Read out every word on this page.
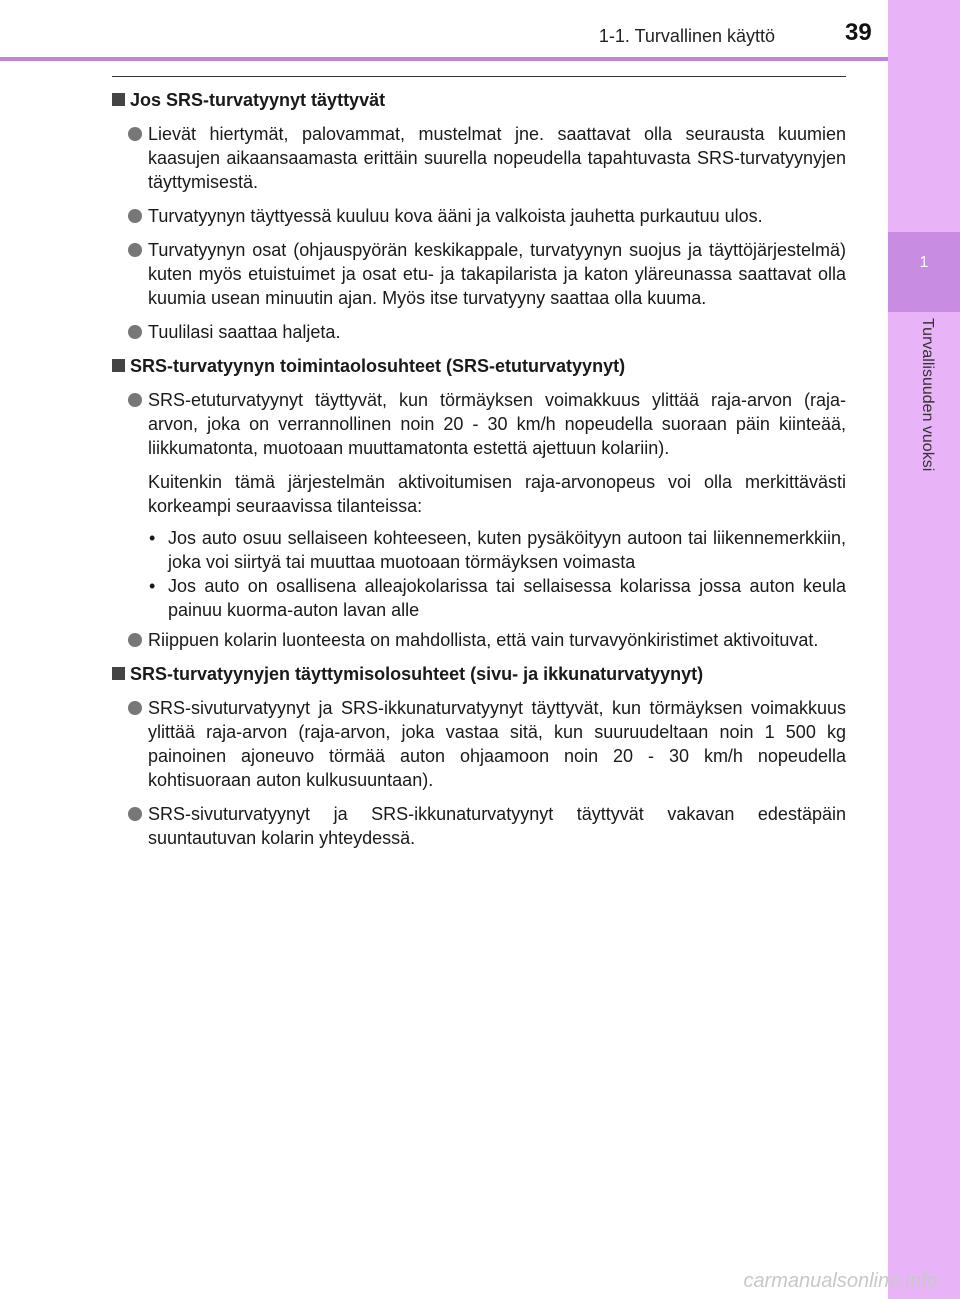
1-1. Turvallinen käyttö	39
1
Turvallisuuden vuoksi
Jos SRS-turvatyynyt täyttyvät
Lievät hiertymät, palovammat, mustelmat jne. saattavat olla seurausta kuumien kaasujen aikaansaamasta erittäin suurella nopeudella tapahtuvasta SRS-turvatyynyjen täyttymisestä.
Turvatyynyn täyttyessä kuuluu kova ääni ja valkoista jauhetta purkautuu ulos.
Turvatyynyn osat (ohjauspyörän keskikappale, turvatyynyn suojus ja täyttöjärjestelmä) kuten myös etuistuimet ja osat etu- ja takapilarista ja katon yläreunassa saattavat olla kuumia usean minuutin ajan. Myös itse turvatyyny saattaa olla kuuma.
Tuulilasi saattaa haljeta.
SRS-turvatyynyn toimintaolosuhteet (SRS-etuturvatyynyt)
SRS-etuturvatyynyt täyttyvät, kun törmäyksen voimakkuus ylittää raja-arvon (raja-arvon, joka on verrannollinen noin 20 - 30 km/h nopeudella suoraan päin kiinteää, liikkumatonta, muotoaan muuttamatonta estettä ajettuun kolariin).
Kuitenkin tämä järjestelmän aktivoitumisen raja-arvonopeus voi olla merkittävästi korkeampi seuraavissa tilanteissa:
• Jos auto osuu sellaiseen kohteeseen, kuten pysäköityyn autoon tai liikennemerkkiin, joka voi siirtyä tai muuttaa muotoaan törmäyksen voimasta
• Jos auto on osallisena alleajokolarissa tai sellaisessa kolarissa jossa auton keula painuu kuorma-auton lavan alle
Riippuen kolarin luonteesta on mahdollista, että vain turvavyönkiristimet aktivoituvat.
SRS-turvatyynyjen täyttymisolosuhteet (sivu- ja ikkunaturvatyynyt)
SRS-sivuturvatyynyt ja SRS-ikkunaturvatyynyt täyttyvät, kun törmäyksen voimakkuus ylittää raja-arvon (raja-arvon, joka vastaa sitä, kun suuruudeltaan noin 1 500 kg painoinen ajoneuvo törmää auton ohjaamoon noin 20 - 30 km/h nopeudella kohtisuoraan auton kulkusuuntaan).
SRS-sivuturvatyynyt ja SRS-ikkunaturvatyynyt täyttyvät vakavan edestäpäin suuntautuvan kolarin yhteydessä.
carmanualsonline.info
